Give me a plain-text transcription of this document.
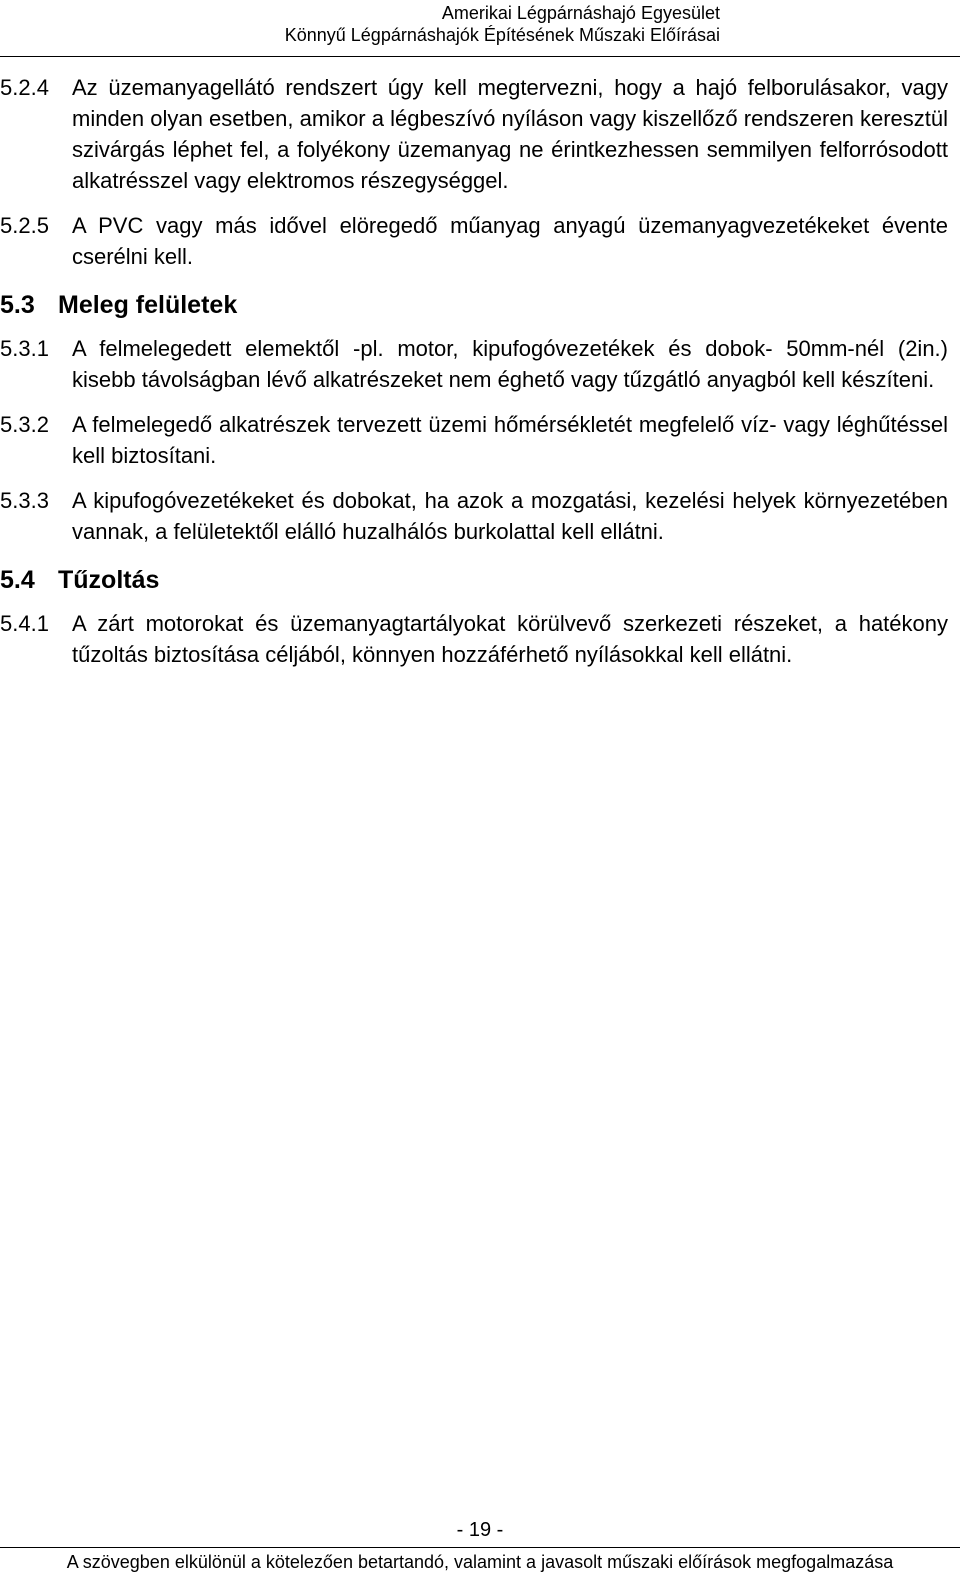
Amerikai Légpárnáshajó Egyesület
Könnyű Légpárnáshajók Építésének Műszaki Előírásai
5.2.4	Az üzemanyagellátó rendszert úgy kell megtervezni, hogy a hajó felborulásakor, vagy minden olyan esetben, amikor a légbeszívó nyíláson vagy kiszellőző rendszeren keresztül szivárgás léphet fel, a folyékony üzemanyag ne érintkezhessen semmilyen felforrósodott alkatrésszel vagy elektromos részegységgel.
5.2.5	A PVC vagy más idővel elöregedő műanyag anyagú üzemanyagvezetékeket évente cserélni kell.
5.3 Meleg felületek
5.3.1	A felmelegedett elemektől -pl. motor, kipufogóvezetékek és dobok- 50mm-nél (2in.) kisebb távolságban lévő alkatrészeket nem éghető vagy tűzgátló anyagból kell készíteni.
5.3.2	A felmelegedő alkatrészek tervezett üzemi hőmérsékletét megfelelő víz- vagy léghűtéssel kell biztosítani.
5.3.3	A kipufogóvezetékeket és dobokat, ha azok a mozgatási, kezelési helyek környezetében vannak, a felületektől elálló huzalhálós burkolattal kell ellátni.
5.4 Tűzoltás
5.4.1	A zárt motorokat és üzemanyagtartályokat körülvevő szerkezeti részeket, a hatékony tűzoltás biztosítása céljából, könnyen hozzáférhető nyílásokkal kell ellátni.
- 19 -
A szövegben elkülönül a kötelezően betartandó, valamint a javasolt műszaki előírások megfogalmazása
